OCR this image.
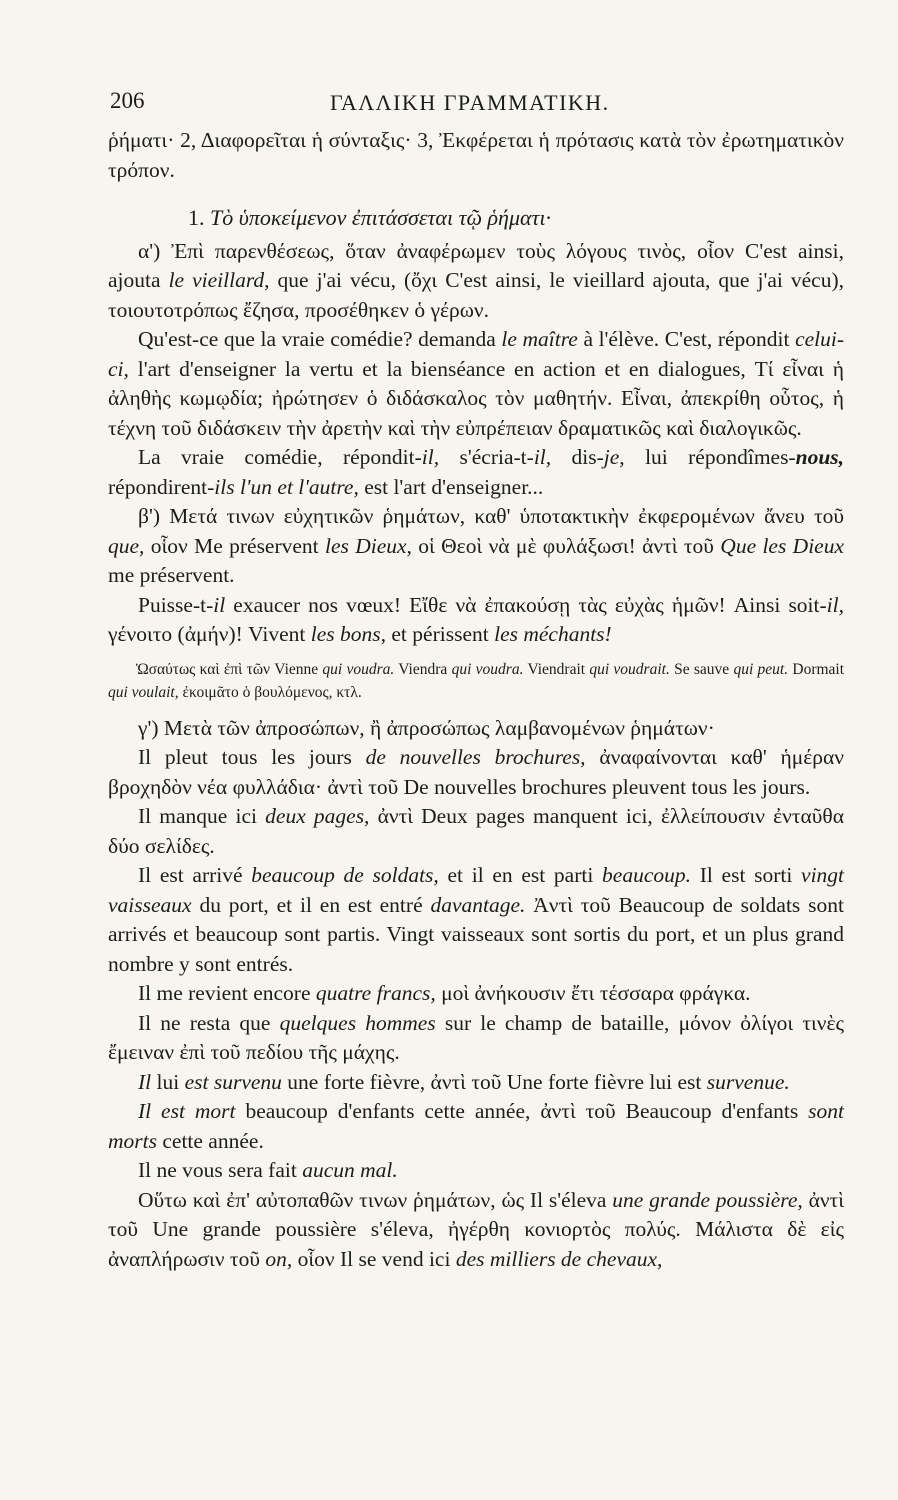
206	ΓΑΛΛΙΚΗ ΓΡΑΜΜΑΤΙΚΗ.

ῥήματι· 2, Διαφορεῖται ἡ σύνταξις· 3, Ἐκφέρεται ἡ πρότασις κατὰ τὸν ἐρωτηματικὸν τρόπον.

1. Τὸ ὑποκείμενον ἐπιτάσσεται τῷ ῥήματι·

α') Ἐπὶ παρενθέσεως, ὅταν ἀναφέρωμεν τοὺς λόγους τινὸς, οἷον C'est ainsi, ajouta le vieillard, que j'ai vécu, (ὄχι C'est ainsi, le vieillard ajouta, que j'ai vécu), τοιουτοτρόπως ἔζησα, προσέθηκεν ὁ γέρων.

Qu'est-ce que la vraie comédie? demanda le maître à l'élève. C'est, répondit celui-ci, l'art d'enseigner la vertu et la bienséance en action et en dialogues, Τί εἶναι ἡ ἀληθὴς κωμῳδία; ἠρώτησεν ὁ διδάσκαλος τὸν μαθητήν. Εἶναι, ἀπεκρίθη οὗτος, ἡ τέχνη τοῦ διδάσκειν τὴν ἀρετὴν καὶ τὴν εὐπρέπειαν δραματικῶς καὶ διαλογικῶς.

La vraie comédie, répondit-il, s'écria-t-il, dis-je, lui répondîmes-nous, répondirent-ils l'un et l'autre, est l'art d'enseigner...

β') Μετά τινων εὐχητικῶν ῥημάτων, καθ' ὑποτακτικὴν ἐκφερομένων ἄνευ τοῦ que, οἷον Me préservent les Dieux, οἱ Θεοὶ νὰ μὲ φυλάξωσι! ἀντὶ τοῦ Que les Dieux me préservent.

Puisse-t-il exaucer nos vœux! Εἴθε νὰ ἐπακούσῃ τὰς εὐχὰς ἡμῶν! Ainsi soit-il, γένοιτο (ἀμήν)! Vivent les bons, et périssent les méchants!

Ὡσαύτως καὶ ἐπὶ τῶν Vienne qui voudra. Viendra qui voudra. Viendrait qui voudrait. Se sauve qui peut. Dormait qui voulait, ἐκοιμᾶτο ὁ βουλόμενος, κτλ.

γ') Μετὰ τῶν ἀπροσώπων, ἢ ἀπροσώπως λαμβανομένων ῥημάτων·

Il pleut tous les jours de nouvelles brochures, ἀναφαίνονται καθ' ἡμέραν βροχηδὸν νέα φυλλάδια· ἀντὶ τοῦ De nouvelles brochures pleuvent tous les jours.

Il manque ici deux pages, ἀντὶ Deux pages manquent ici, ἐλλείπουσιν ἐνταῦθα δύο σελίδες.

Il est arrivé beaucoup de soldats, et il en est parti beaucoup. Il est sorti vingt vaisseaux du port, et il en est entré davantage. Ἀντὶ τοῦ Beaucoup de soldats sont arrivés et beaucoup sont partis. Vingt vaisseaux sont sortis du port, et un plus grand nombre y sont entrés.

Il me revient encore quatre francs, μοὶ ἀνήκουσιν ἔτι τέσσαρα φράγκα.

Il ne resta que quelques hommes sur le champ de bataille, μόνον ὀλίγοι τινὲς ἔμειναν ἐπὶ τοῦ πεδίου τῆς μάχης.

Il lui est survenu une forte fièvre, ἀντὶ τοῦ Une forte fièvre lui est survenue.

Il est mort beaucoup d'enfants cette année, ἀντὶ τοῦ Beaucoup d'enfants sont morts cette année.

Il ne vous sera fait aucun mal.

Οὕτω καὶ ἐπ' αὐτοπαθῶν τινων ῥημάτων, ὡς Il s'éleva une grande poussière, ἀντὶ τοῦ Une grande poussière s'éleva, ἠγέρθη κονιορτὸς πολύς. Μάλιστα δὲ εἰς ἀναπλήρωσιν τοῦ on, οἷον Il se vend ici des milliers de chevaux,
